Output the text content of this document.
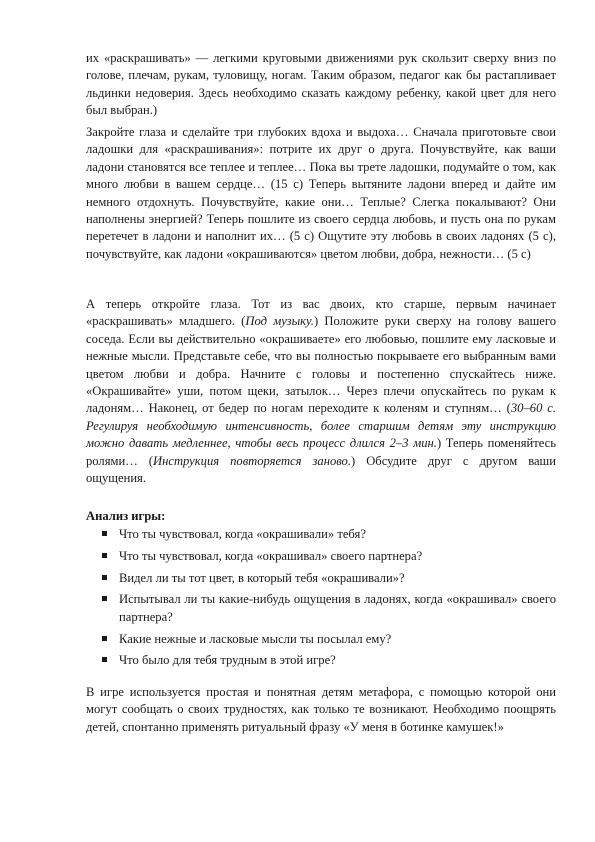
их «раскрашивать» — легкими круговыми движениями рук скользит сверху вниз по голове, плечам, рукам, туловищу, ногам. Таким образом, педагог как бы растапливает льдинки недоверия. Здесь необходимо сказать каждому ребенку, какой цвет для него был выбран.)

Закройте глаза и сделайте три глубоких вдоха и выдоха… Сначала приготовьте свои ладошки для «раскрашивания»: потрите их друг о друга. Почувствуйте, как ваши ладони становятся все теплее и теплее… Пока вы трете ладошки, подумайте о том, как много любви в вашем сердце… (15 с) Теперь вытяните ладони вперед и дайте им немного отдохнуть. Почувствуйте, какие они… Теплые? Слегка покалывают? Они наполнены энергией? Теперь пошлите из своего сердца любовь, и пусть она по рукам перетечет в ладони и наполнит их… (5 с) Ощутите эту любовь в своих ладонях (5 с), почувствуйте, как ладони «окрашиваются» цветом любви, добра, нежности… (5 с)

А теперь откройте глаза. Тот из вас двоих, кто старше, первым начинает «раскрашивать» младшего. (Под музыку.) Положите руки сверху на голову вашего соседа. Если вы действительно «окрашиваете» его любовью, пошлите ему ласковые и нежные мысли. Представьте себе, что вы полностью покрываете его выбранным вами цветом любви и добра. Начните с головы и постепенно спускайтесь ниже. «Окрашивайте» уши, потом щеки, затылок… Через плечи опускайтесь по рукам к ладоням… Наконец, от бедер по ногам переходите к коленям и ступням… (30–60 с. Регулируя необходимую интенсивность, более старшим детям эту инструкцию можно давать медленнее, чтобы весь процесс длился 2–3 мин.) Теперь поменяйтесь ролями… (Инструкция повторяется заново.) Обсудите друг с другом ваши ощущения.

Анализ игры:
Что ты чувствовал, когда «окрашивали» тебя?
Что ты чувствовал, когда «окрашивал» своего партнера?
Видел ли ты тот цвет, в который тебя «окрашивали»?
Испытывал ли ты какие-нибудь ощущения в ладонях, когда «окрашивал» своего партнера?
Какие нежные и ласковые мысли ты посылал ему?
Что было для тебя трудным в этой игре?

В игре используется простая и понятная детям метафора, с помощью которой они могут сообщать о своих трудностях, как только те возникают. Необходимо поощрять детей, спонтанно применять ритуальный фразу «У меня в ботинке камушек!»
